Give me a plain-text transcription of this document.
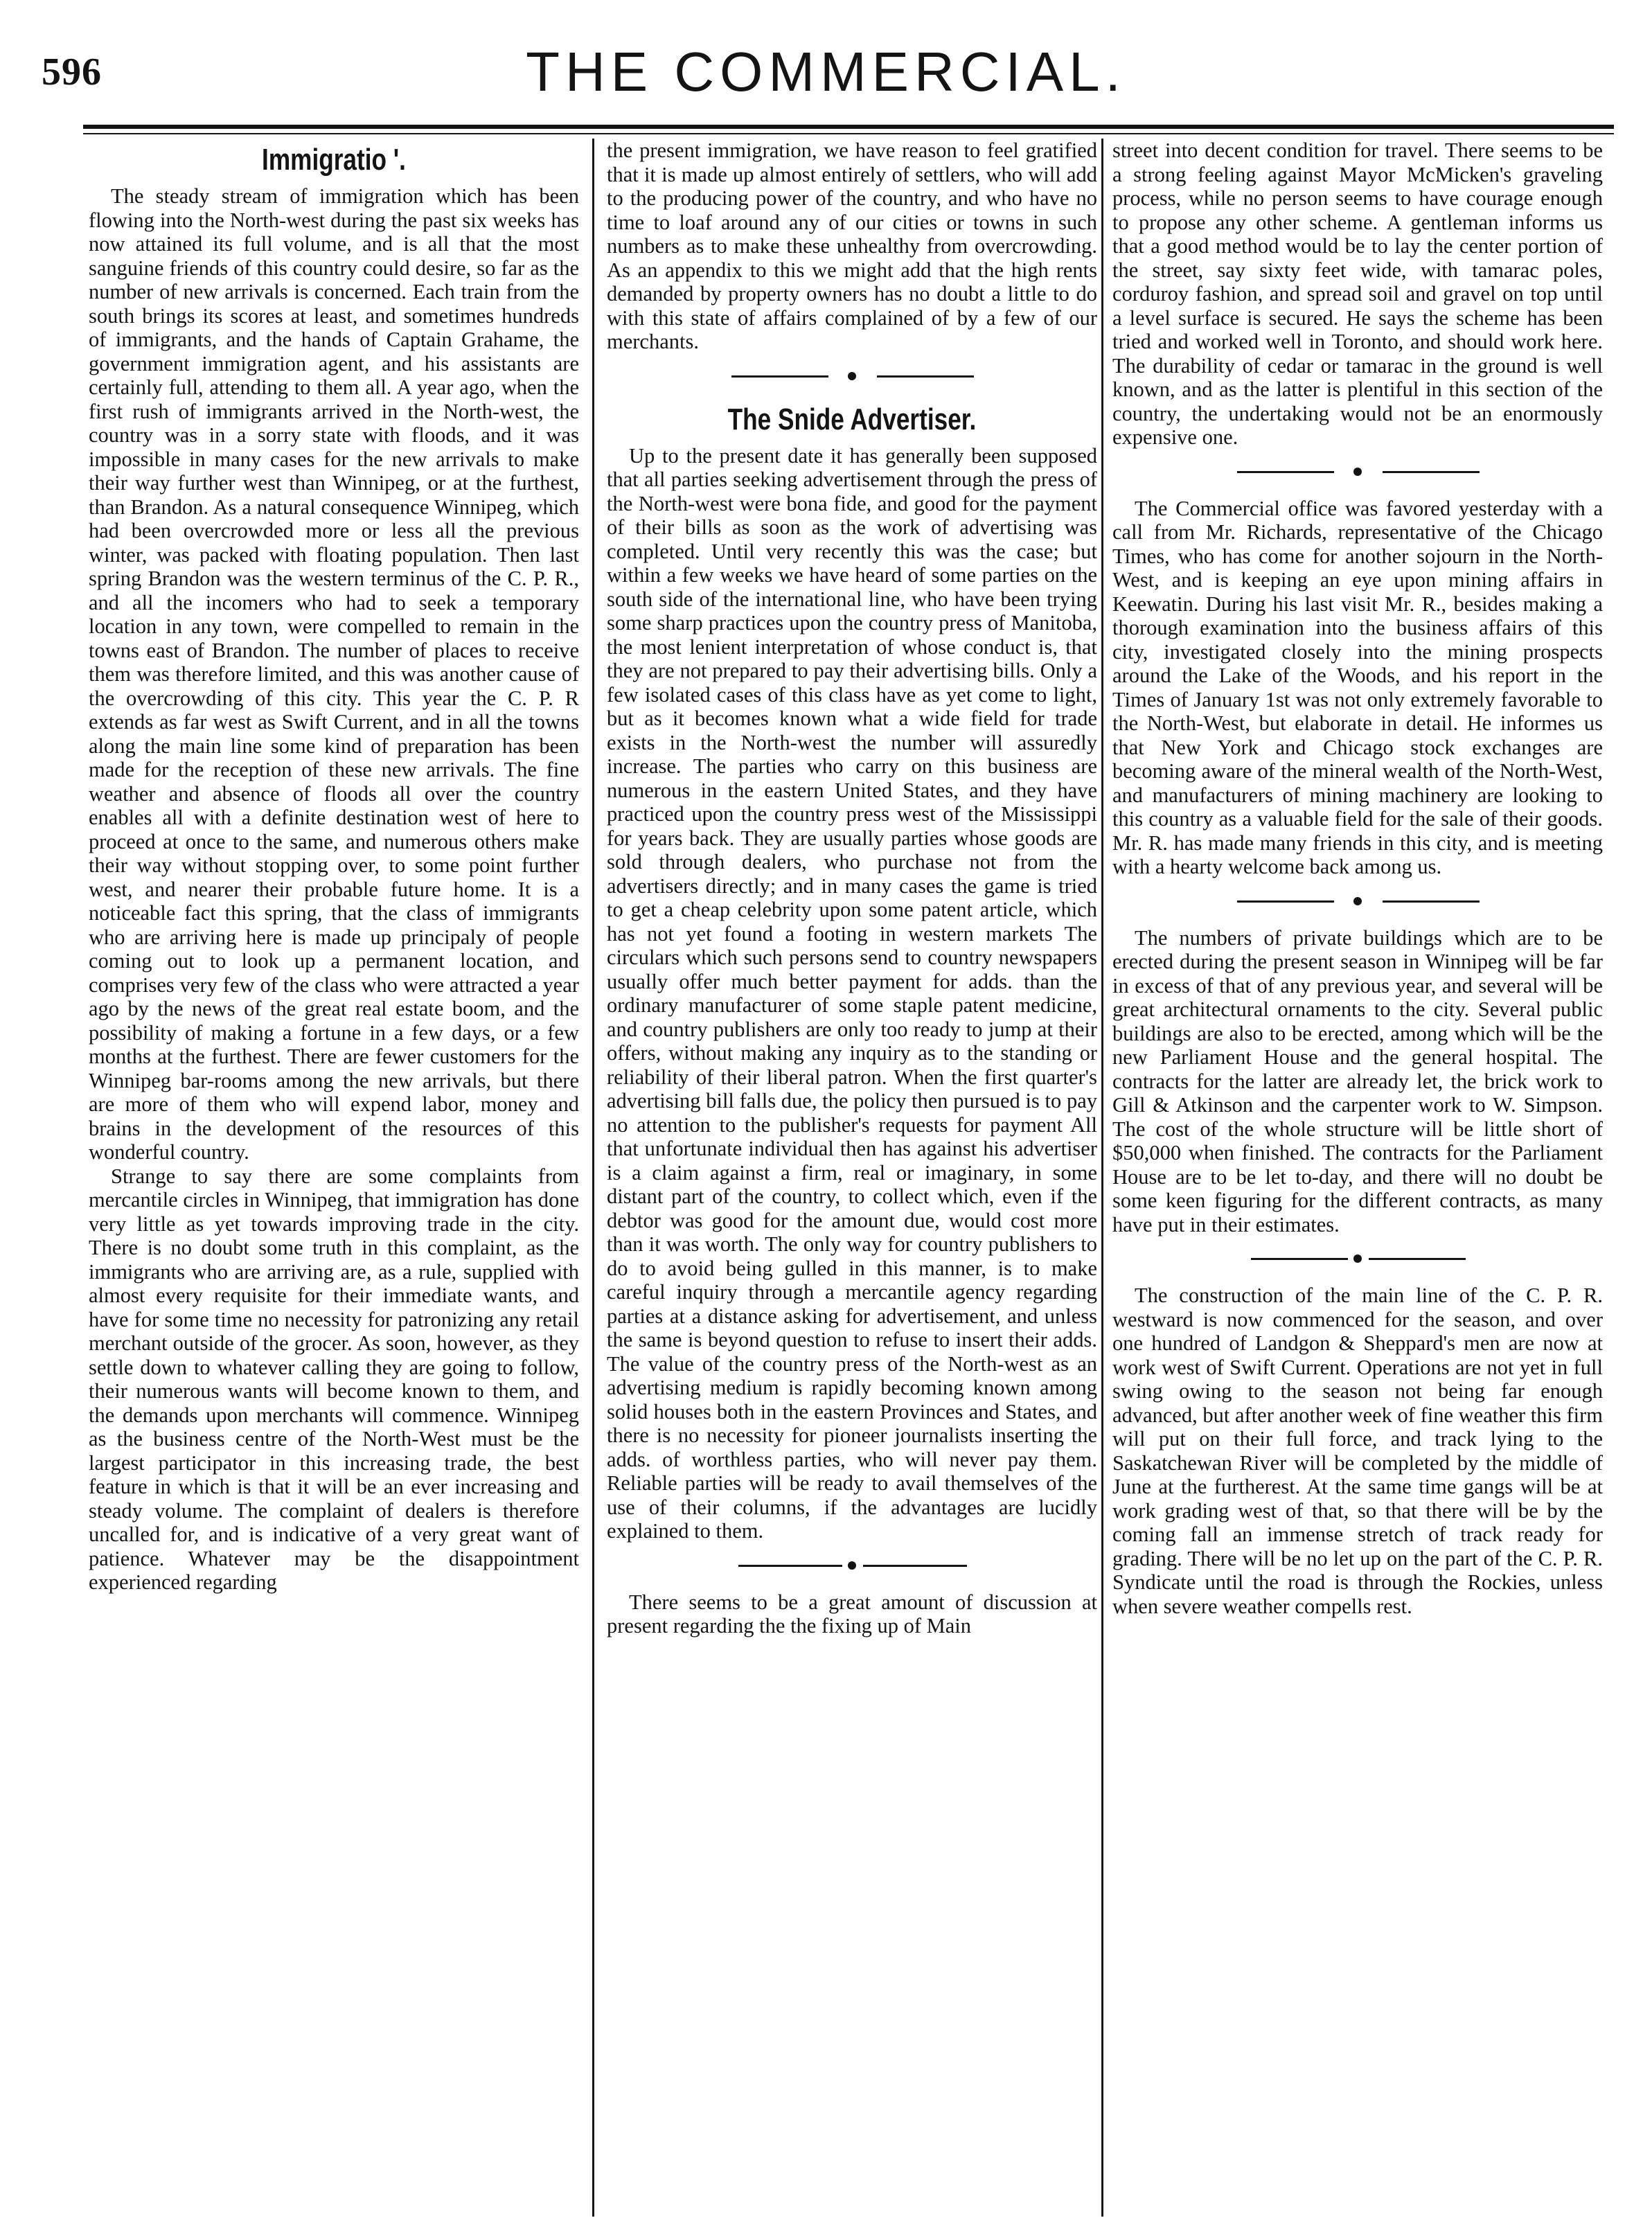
596	THE COMMERCIAL.
Immigratio '.

The steady stream of immigration which has been flowing into the North-west during the past six weeks has now attained its full volume, and is all that the most sanguine friends of this country could desire, so far as the number of new arrivals is concerned. Each train from the south brings its scores at least, and sometimes hundreds of immigrants, and the hands of Captain Grahame, the government immigration agent, and his assistants are certainly full, attending to them all. A year ago, when the first rush of immigrants arrived in the North-west, the country was in a sorry state with floods, and it was impossible in many cases for the new arrivals to make their way further west than Winnipeg, or at the furthest, than Brandon. As a natural consequence Winnipeg, which had been overcrowded more or less all the previous winter, was packed with floating population. Then last spring Brandon was the western terminus of the C. P. R., and all the incomers who had to seek a temporary location in any town, were compelled to remain in the towns east of Brandon. The number of places to receive them was therefore limited, and this was another cause of the overcrowding of this city. This year the C. P. R extends as far west as Swift Current, and in all the towns along the main line some kind of preparation has been made for the reception of these new arrivals. The fine weather and absence of floods all over the country enables all with a definite destination west of here to proceed at once to the same, and numerous others make their way without stopping over, to some point further west, and nearer their probable future home. It is a noticeable fact this spring, that the class of immigrants who are arriving here is made up principaly of people coming out to look up a permanent location, and comprises very few of the class who were attracted a year ago by the news of the great real estate boom, and the possibility of making a fortune in a few days, or a few months at the furthest. There are fewer customers for the Winnipeg bar-rooms among the new arrivals, but there are more of them who will expend labor, money and brains in the development of the resources of this wonderful country.

Strange to say there are some complaints from mercantile circles in Winnipeg, that immigration has done very little as yet towards improving trade in the city. There is no doubt some truth in this complaint, as the immigrants who are arriving are, as a rule, supplied with almost every requisite for their immediate wants, and have for some time no necessity for patronizing any retail merchant outside of the grocer. As soon, however, as they settle down to whatever calling they are going to follow, their numerous wants will become known to them, and the demands upon merchants will commence. Winnipeg as the business centre of the North-West must be the largest participator in this increasing trade, the best feature in which is that it will be an ever increasing and steady volume. The complaint of dealers is therefore uncalled for, and is indicative of a very great want of patience. Whatever may be the disappointment experienced regarding

the present immigration, we have reason to feel gratified that it is made up almost entirely of settlers, who will add to the producing power of the country, and who have no time to loaf around any of our cities or towns in such numbers as to make these unhealthy from overcrowding. As an appendix to this we might add that the high rents demanded by property owners has no doubt a little to do with this state of affairs complained of by a few of our merchants.

The Snide Advertiser.

Up to the present date it has generally been supposed that all parties seeking advertisement through the press of the North-west were bona fide, and good for the payment of their bills as soon as the work of advertising was completed. Until very recently this was the case; but within a few weeks we have heard of some parties on the south side of the international line, who have been trying some sharp practices upon the country press of Manitoba, the most lenient interpretation of whose conduct is, that they are not prepared to pay their advertising bills. Only a few isolated cases of this class have as yet come to light, but as it becomes known what a wide field for trade exists in the North-west the number will assuredly increase. The parties who carry on this business are numerous in the eastern United States, and they have practiced upon the country press west of the Mississippi for years back. They are usually parties whose goods are sold through dealers, who purchase not from the advertisers directly; and in many cases the game is tried to get a cheap celebrity upon some patent article, which has not yet found a footing in western markets The circulars which such persons send to country newspapers usually offer much better payment for adds. than the ordinary manufacturer of some staple patent medicine, and country publishers are only too ready to jump at their offers, without making any inquiry as to the standing or reliability of their liberal patron. When the first quarter's advertising bill falls due, the policy then pursued is to pay no attention to the publisher's requests for payment All that unfortunate individual then has against his advertiser is a claim against a firm, real or imaginary, in some distant part of the country, to collect which, even if the debtor was good for the amount due, would cost more than it was worth. The only way for country publishers to do to avoid being gulled in this manner, is to make careful inquiry through a mercantile agency regarding parties at a distance asking for advertisement, and unless the same is beyond question to refuse to insert their adds. The value of the country press of the North-west as an advertising medium is rapidly becoming known among solid houses both in the eastern Provinces and States, and there is no necessity for pioneer journalists inserting the adds. of worthless parties, who will never pay them. Reliable parties will be ready to avail themselves of the use of their columns, if the advantages are lucidly explained to them.

There seems to be a great amount of discussion at present regarding the the fixing up of Main

street into decent condition for travel. There seems to be a strong feeling against Mayor McMicken's graveling process, while no person seems to have courage enough to propose any other scheme. A gentleman informs us that a good method would be to lay the center portion of the street, say sixty feet wide, with tamarac poles, corduroy fashion, and spread soil and gravel on top until a level surface is secured. He says the scheme has been tried and worked well in Toronto, and should work here. The durability of cedar or tamarac in the ground is well known, and as the latter is plentiful in this section of the country, the undertaking would not be an enormously expensive one.

The Commercial office was favored yesterday with a call from Mr. Richards, representative of the Chicago Times, who has come for another sojourn in the North-West, and is keeping an eye upon mining affairs in Keewatin. During his last visit Mr. R., besides making a thorough examination into the business affairs of this city, investigated closely into the mining prospects around the Lake of the Woods, and his report in the Times of January 1st was not only extremely favorable to the North-West, but elaborate in detail. He informes us that New York and Chicago stock exchanges are becoming aware of the mineral wealth of the North-West, and manufacturers of mining machinery are looking to this country as a valuable field for the sale of their goods. Mr. R. has made many friends in this city, and is meeting with a hearty welcome back among us.

The numbers of private buildings which are to be erected during the present season in Winnipeg will be far in excess of that of any previous year, and several will be great architectural ornaments to the city. Several public buildings are also to be erected, among which will be the new Parliament House and the general hospital. The contracts for the latter are already let, the brick work to Gill & Atkinson and the carpenter work to W. Simpson. The cost of the whole structure will be little short of $50,000 when finished. The contracts for the Parliament House are to be let to-day, and there will no doubt be some keen figuring for the different contracts, as many have put in their estimates.

The construction of the main line of the C. P. R. westward is now commenced for the season, and over one hundred of Landgon & Sheppard's men are now at work west of Swift Current. Operations are not yet in full swing owing to the season not being far enough advanced, but after another week of fine weather this firm will put on their full force, and track lying to the Saskatchewan River will be completed by the middle of June at the furtherest. At the same time gangs will be at work grading west of that, so that there will be by the coming fall an immense stretch of track ready for grading. There will be no let up on the part of the C. P. R. Syndicate until the road is through the Rockies, unless when severe weather compells rest.
